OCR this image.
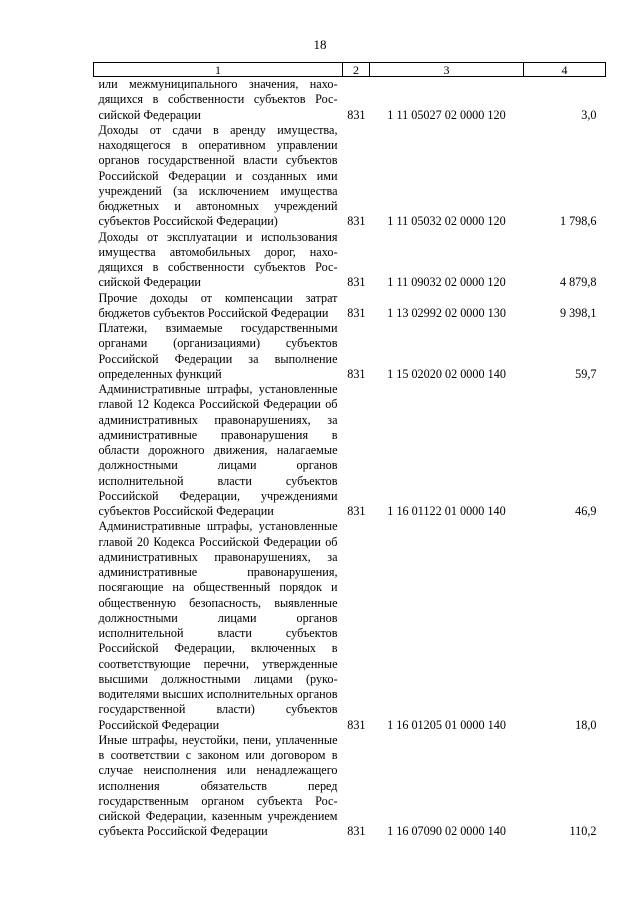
18
1	2	3	4
или межмуниципального значения, находящихся в собственности субъектов Российской Федерации	831	1 11 05027 02 0000 120	3,0
Доходы от сдачи в аренду имущества, находящегося в оперативном управлении органов государственной власти субъектов Российской Федерации и созданных ими учреждений (за исключением имущества бюджетных и автономных учреждений субъектов Российской Федерации)	831	1 11 05032 02 0000 120	1 798,6
Доходы от эксплуатации и использования имущества автомобильных дорог, находящихся в собственности субъектов Российской Федерации	831	1 11 09032 02 0000 120	4 879,8
Прочие доходы от компенсации затрат бюджетов субъектов Российской Федерации	831	1 13 02992 02 0000 130	9 398,1
Платежи, взимаемые государственными органами (организациями) субъектов Российской Федерации за выполнение определенных функций	831	1 15 02020 02 0000 140	59,7
Административные штрафы, установленные главой 12 Кодекса Российской Федерации об административных правонарушениях, за административные правонарушения в области дорожного движения, налагаемые должностными лицами органов исполнительной власти субъектов Российской Федерации, учреждениями субъектов Российской Федерации	831	1 16 01122 01 0000 140	46,9
Административные штрафы, установленные главой 20 Кодекса Российской Федерации об административных правонарушениях, за административные правонарушения, посягающие на общественный порядок и общественную безопасность, выявленные должностными лицами органов исполнительной власти субъектов Российской Федерации, включенных в соответствующие перечни, утвержденные высшими должностными лицами (руководителями высших исполнительных органов государственной власти) субъектов Российской Федерации	831	1 16 01205 01 0000 140	18,0
Иные штрафы, неустойки, пени, уплаченные в соответствии с законом или договором в случае неисполнения или ненадлежащего исполнения обязательств перед государственным органом субъекта Российской Федерации, казенным учреждением субъекта Российской Федерации	831	1 16 07090 02 0000 140	110,2
